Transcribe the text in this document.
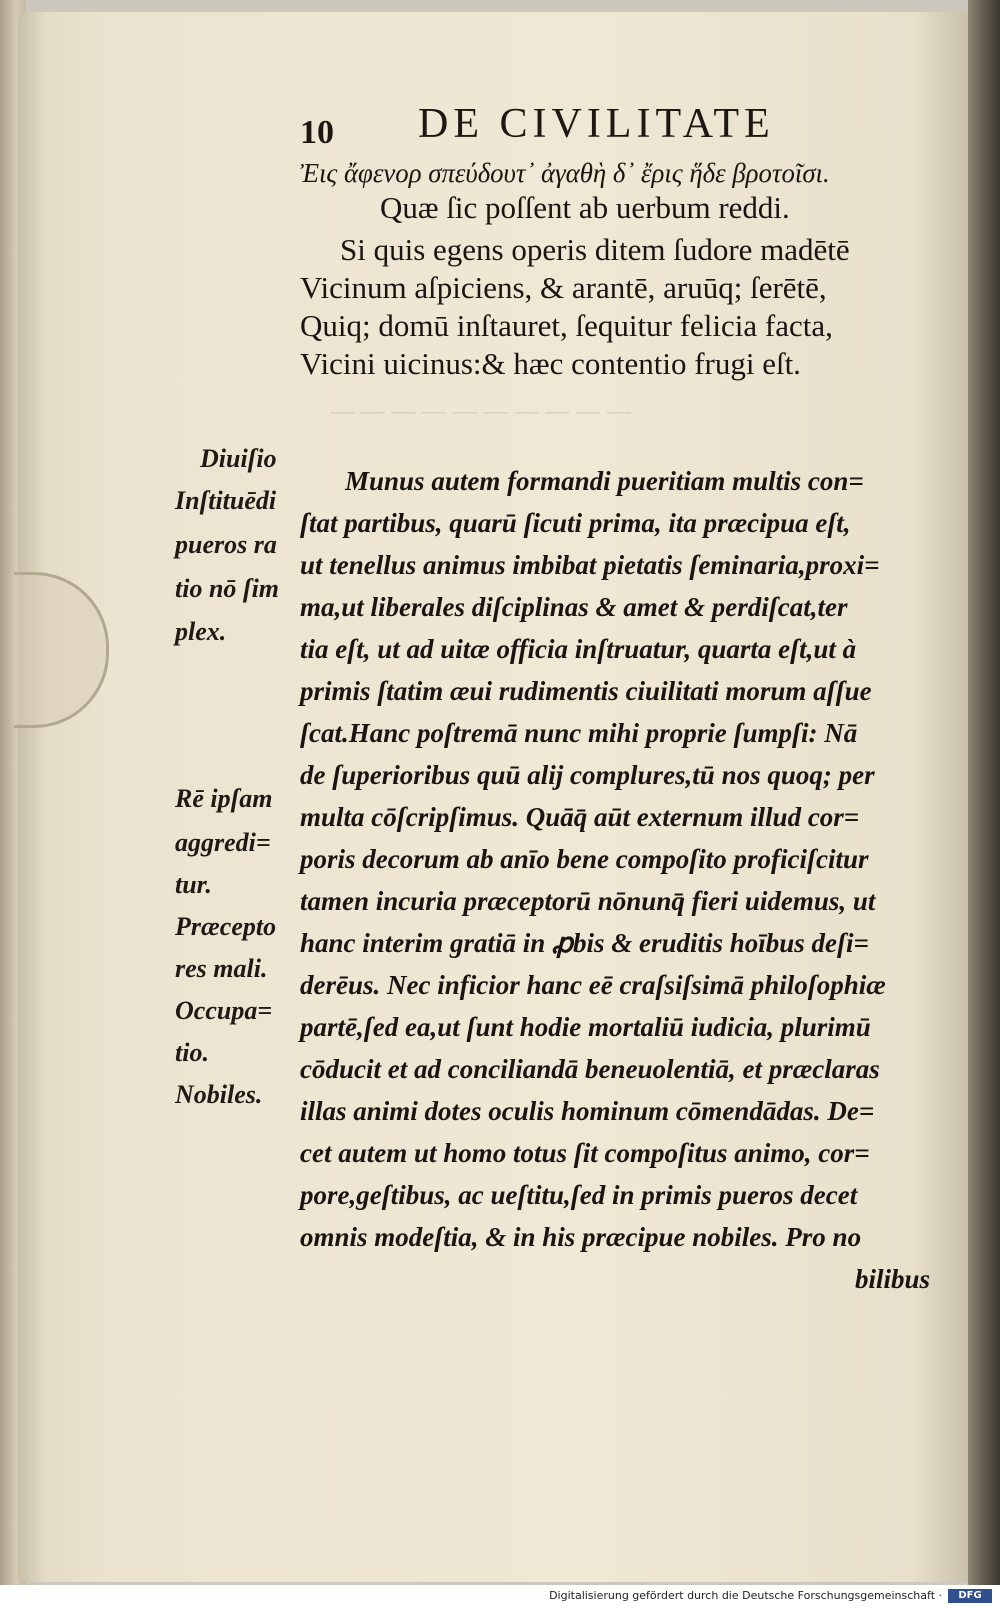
10 DE CIVILITATE
Ἐις ἄφενορ σπεύδουτ᾽ ἀγαθὴ δ᾽ ἔρις ἥδε βροτοῖσι.
Quæ ſic poſſent ab uerbum reddi.
Si quis egens operis ditem ſudore madētē
Vicinum aſpiciens, & arantē, aruūq; ſerētē,
Quiq; domū inſtauret, ſequitur felicia facta,
Vicini uicinus:& hæc contentio frugi eſt.
— — — — — — — — — —
Diuiſio
Inſtituēdi
pueros ra
tio nō ſim
plex.
Rē ipſam
aggredi=
tur.
Præcepto
res mali.
Occupa=
tio.
Nobiles.
Munus autem formandi pueritiam multis con=
ſtat partibus, quarū ſicuti prima, ita præcipua eſt,
ut tenellus animus imbibat pietatis ſeminaria,proxi=
ma,ut liberales diſciplinas & amet & perdiſcat,ter
tia eſt, ut ad uitæ officia inſtruatur, quarta eſt,ut à
primis ſtatim æui rudimentis ciuilitati morum aſſue
ſcat.Hanc poſtremā nunc mihi proprie ſumpſi: Nā
de ſuperioribus quū alij complures,tū nos quoq; per
multa cōſcripſimus. Quāq̄ aūt externum illud cor=
poris decorum ab anīo bene compoſito proficiſcitur
tamen incuria præceptorū nōnunq̄ fieri uidemus, ut
hanc interim gratiā in ꝓbis & eruditis hoībus deſi=
derēus. Nec inficior hanc eē craſsiſsimā philoſophiæ
partē,ſed ea,ut ſunt hodie mortaliū iudicia, plurimū
cōducit et ad conciliandā beneuolentiā, et præclaras
illas animi dotes oculis hominum cōmendādas. De=
cet autem ut homo totus ſit compoſitus animo, cor=
pore,geſtibus, ac ueſtitu,ſed in primis pueros decet
omnis modeſtia, & in his præcipue nobiles. Pro no
bilibus
Digitalisierung gefördert durch die Deutsche Forschungsgemeinschaft ·	DFG
